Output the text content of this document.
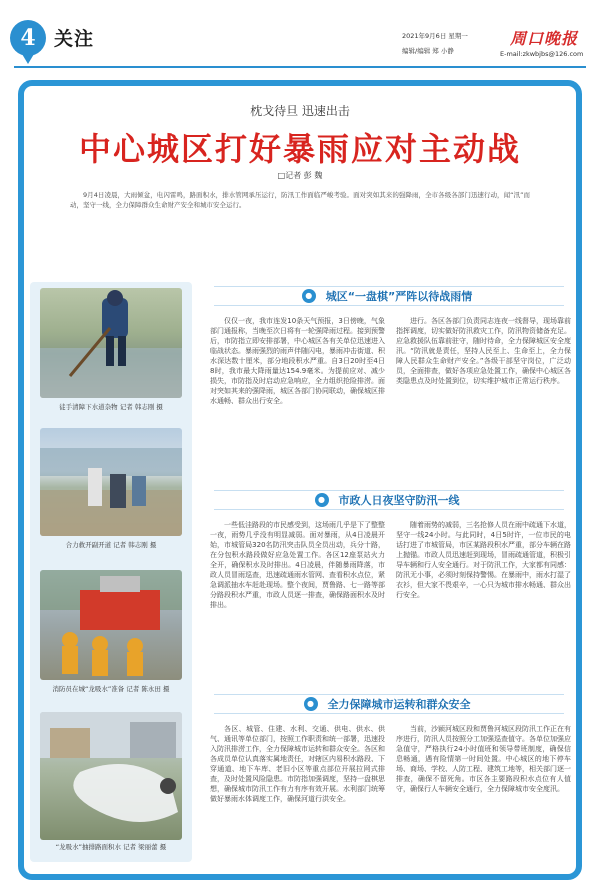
4 关注	2021年9月6日 星期一
编辑/编辑 郑 小静
周口晚报
E-mail:zkwbjbs@126.com
枕戈待旦 迅速出击
中心城区打好暴雨应对主动战
□记者 彭 魏
9月4日凌晨，大雨倾盆，电闪雷鸣，路面积水，排水管网承压运行，防汛工作面临严峻考验。面对突如其来的强降雨，全市各级各部门迅速行动，闻“汛”而动，坚守一线，全力保障群众生命财产安全和城市安全运行。
徒手清障下水道杂物 记者 韩志刚 摄
合力救开副开道 记者 韩志刚 摄
消防员在城“龙吸水”准备 记者 陈永田 摄
“龙吸水”抽排路面积水 记者 梁丽蕾 摄
●	城区“一盘棋”严阵以待战雨情
仅仅一夜，我市连发10条天气预报，3日傍晚，气象部门通报称，当晚至次日将有一轮强降雨过程。接到预警后，市防指立即安排部署，中心城区各有关单位迅速进入临战状态。暴雨强烈的雨声伴随闪电，暴雨冲击街道、积水深达数十厘米，部分地段积水严重。自3日20时至4日8时，我市最大降雨量达154.9毫米。为提前应对、减少损失，市防指及时启动应急响应，全力组织抢险排涝。面对突如其来的强降雨，城区各部门协同联动，确保城区排水通畅、群众出行安全。
进行。各区各部门负责同志连夜一线督导，现场靠前指挥调度，切实做好防汛救灾工作，防汛物资储备充足。应急救援队伍靠前驻守，随时待命，全力保障城区安全度汛。“防汛就是责任，坚持人民至上、生命至上，全力保障人民群众生命财产安全。”各级干部坚守岗位，广泛动员，全面排查，做好各项应急处置工作，确保中心城区各类隐患点及时处置到位，切实维护城市正常运行秩序。
●	市政人日夜坚守防汛一线
一些低洼路段的市民感受到，这场雨几乎是下了整整一夜，雨势几乎没有明显减弱。面对暴雨，从4日凌晨开始，市城管局320名防汛突击队员全员出动，兵分十路，在分包积水路段做好应急处置工作。各区12座泵站火力全开，确保积水及时排出。4日凌晨，伴随暴雨降落，市政人员冒雨巡查，迅速疏通雨水管网、查看积水点位，紧急调派抽水车赶赴现场。整个夜间，贾鲁路、七一路等部分路段积水严重，市政人员逐一排查，确保路面积水及时排出。
随着雨势的减弱，三名抢修人员在雨中疏通下水道，坚守一线24小时。与此同时，4日5时许，一位市民的电话打进了市城管局，市区某路段积水严重，部分车辆在路上抛锚。市政人员迅速赶到现场，冒雨疏通管道，积极引导车辆和行人安全通行。对于防汛工作，大家都有同感：防汛无小事，必须时刻保持警惕。在暴雨中，雨水打湿了衣衫，但大家不畏艰辛，一心只为城市排水畅通、群众出行安全。
●	全力保障城市运转和群众安全
各区、城管、住建、水利、交通、供电、供水、供气、通讯等单位部门，按照工作职责和统一部署，迅速投入防汛排涝工作，全力保障城市运转和群众安全。各区和各成员单位认真落实属地责任，对辖区内易积水路段、下穿通道、地下车库、老旧小区等重点部位开展拉网式排查，及时处置风险隐患。市防指加强调度，坚持一盘棋思想，确保城市防汛工作有力有序有效开展。水利部门统筹做好暴雨水体调度工作，确保河道行洪安全。
当前，沙颍河城区段和贾鲁河城区段防汛工作正在有序进行，防汛人员按照分工加强巡查值守。各单位加强应急值守，严格执行24小时值班和领导带班制度，确保信息畅通，遇有险情第一时间处置。中心城区的地下停车场、商场、学校、人防工程、建筑工地等，相关部门逐一排查，确保不留死角。市区各主要路段积水点位有人值守，确保行人车辆安全通行，全力保障城市安全度汛。
